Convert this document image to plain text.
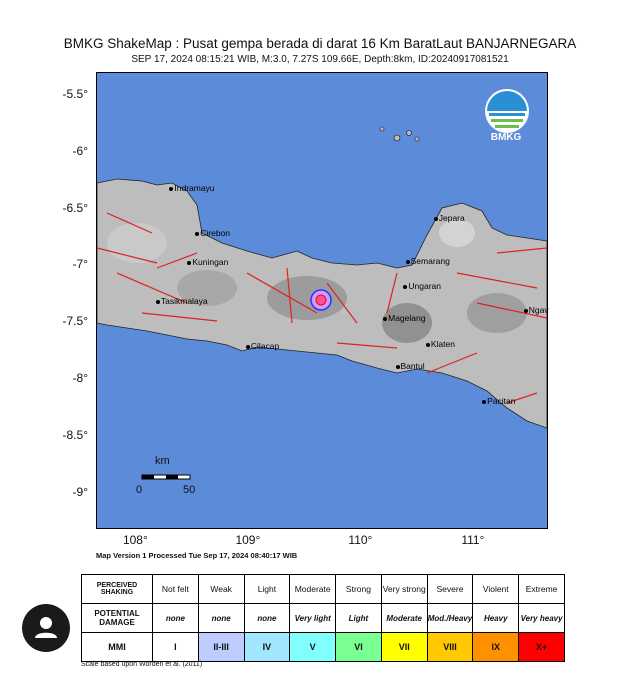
BMKG ShakeMap : Pusat gempa berada di darat 16 Km BaratLaut BANJARNEGARA
SEP 17, 2024 08:15:21 WIB, M:3.0, 7.27S 109.66E, Depth:8km, ID:20240917081521
BMKG
-5.5°
-6°
-6.5°
-7°
-7.5°
-8°
-8.5°
-9°
108°	109°	110°	111°
Indramayu
Cirebon
Kuningan
Tasikmalaya
Cilacap
Jepara
Semarang
Ungaran
Magelang
Klaten
Bantul
Pacitan
Ngav
km
0	50
Map Version 1 Processed Tue Sep 17, 2024 08:40:17 WIB
PERCEIVED SHAKING	Not felt	Weak	Light	Moderate	Strong	Very strong	Severe	Violent	Extreme
POTENTIAL DAMAGE	none	none	none	Very light	Light	Moderate	Mod./Heavy	Heavy	Very heavy
MMI	I	II-III	IV	V	VI	VII	VIII	IX	X+
Scale based upon Worden et al. (2011)
